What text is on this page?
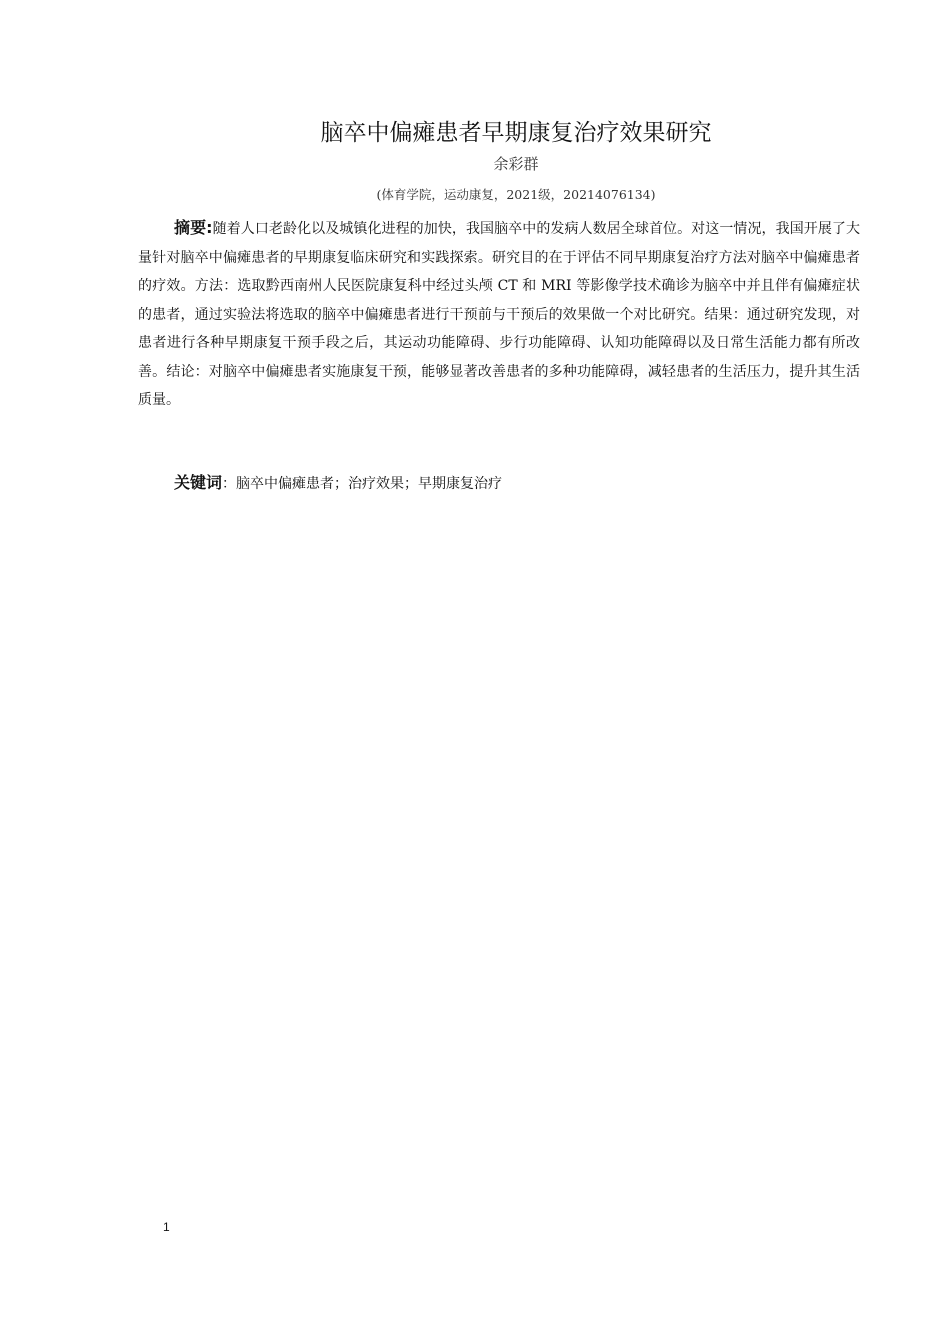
脑卒中偏瘫患者早期康复治疗效果研究
余彩群
(体育学院，运动康复，2021级，20214076134)

摘要:随着人口老龄化以及城镇化进程的加快，我国脑卒中的发病人数居全球首位。对这一情况，我国开展了大量针对脑卒中偏瘫患者的早期康复临床研究和实践探索。研究目的在于评估不同早期康复治疗方法对脑卒中偏瘫患者的疗效。方法：选取黔西南州人民医院康复科中经过头颅 CT 和 MRI 等影像学技术确诊为脑卒中并且伴有偏瘫症状的患者，通过实验法将选取的脑卒中偏瘫患者进行干预前与干预后的效果做一个对比研究。结果：通过研究发现，对患者进行各种早期康复干预手段之后，其运动功能障碍、步行功能障碍、认知功能障碍以及日常生活能力都有所改善。结论：对脑卒中偏瘫患者实施康复干预，能够显著改善患者的多种功能障碍，减轻患者的生活压力，提升其生活质量。

关键词：脑卒中偏瘫患者；治疗效果；早期康复治疗

1
